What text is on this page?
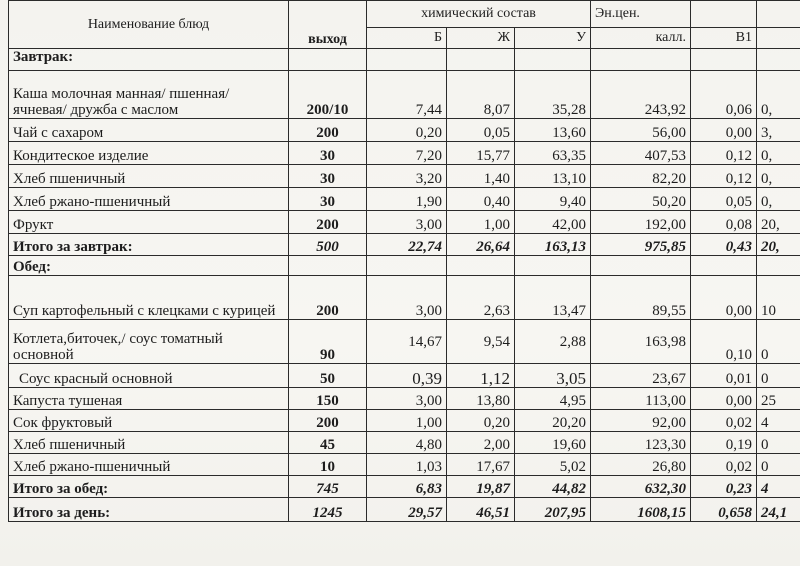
Наименование блюд	выход	химический состав			Эн.цен.		
		Б	Ж	У	калл.	В1	
Завтрак:							
Каша молочная манная/ пшенная/ ячневая/ дружба с маслом	200/10	7,44	8,07	35,28	243,92	0,06	0,
Чай с сахаром	200	0,20	0,05	13,60	56,00	0,00	3,
Кондитеское изделие	30	7,20	15,77	63,35	407,53	0,12	0,
Хлеб пшеничный	30	3,20	1,40	13,10	82,20	0,12	0,
Хлеб ржано-пшеничный	30	1,90	0,40	9,40	50,20	0,05	0,
Фрукт	200	3,00	1,00	42,00	192,00	0,08	20,
Итого за завтрак:	500	22,74	26,64	163,13	975,85	0,43	20,
Обед:							
Суп картофельный с клецками с курицей	200	3,00	2,63	13,47	89,55	0,00	10
Котлета,биточек,/ соус томатный основной	90	14,67	9,54	2,88	163,98	0,10	0
Соус красный основной	50	0,39	1,12	3,05	23,67	0,01	0
Капуста тушеная	150	3,00	13,80	4,95	113,00	0,00	25
Сок фруктовый	200	1,00	0,20	20,20	92,00	0,02	4
Хлеб пшеничный	45	4,80	2,00	19,60	123,30	0,19	0
Хлеб ржано-пшеничный	10	1,03	17,67	5,02	26,80	0,02	0
Итого за обед:	745	6,83	19,87	44,82	632,30	0,23	4
Итого за день:	1245	29,57	46,51	207,95	1608,15	0,658	24,1
